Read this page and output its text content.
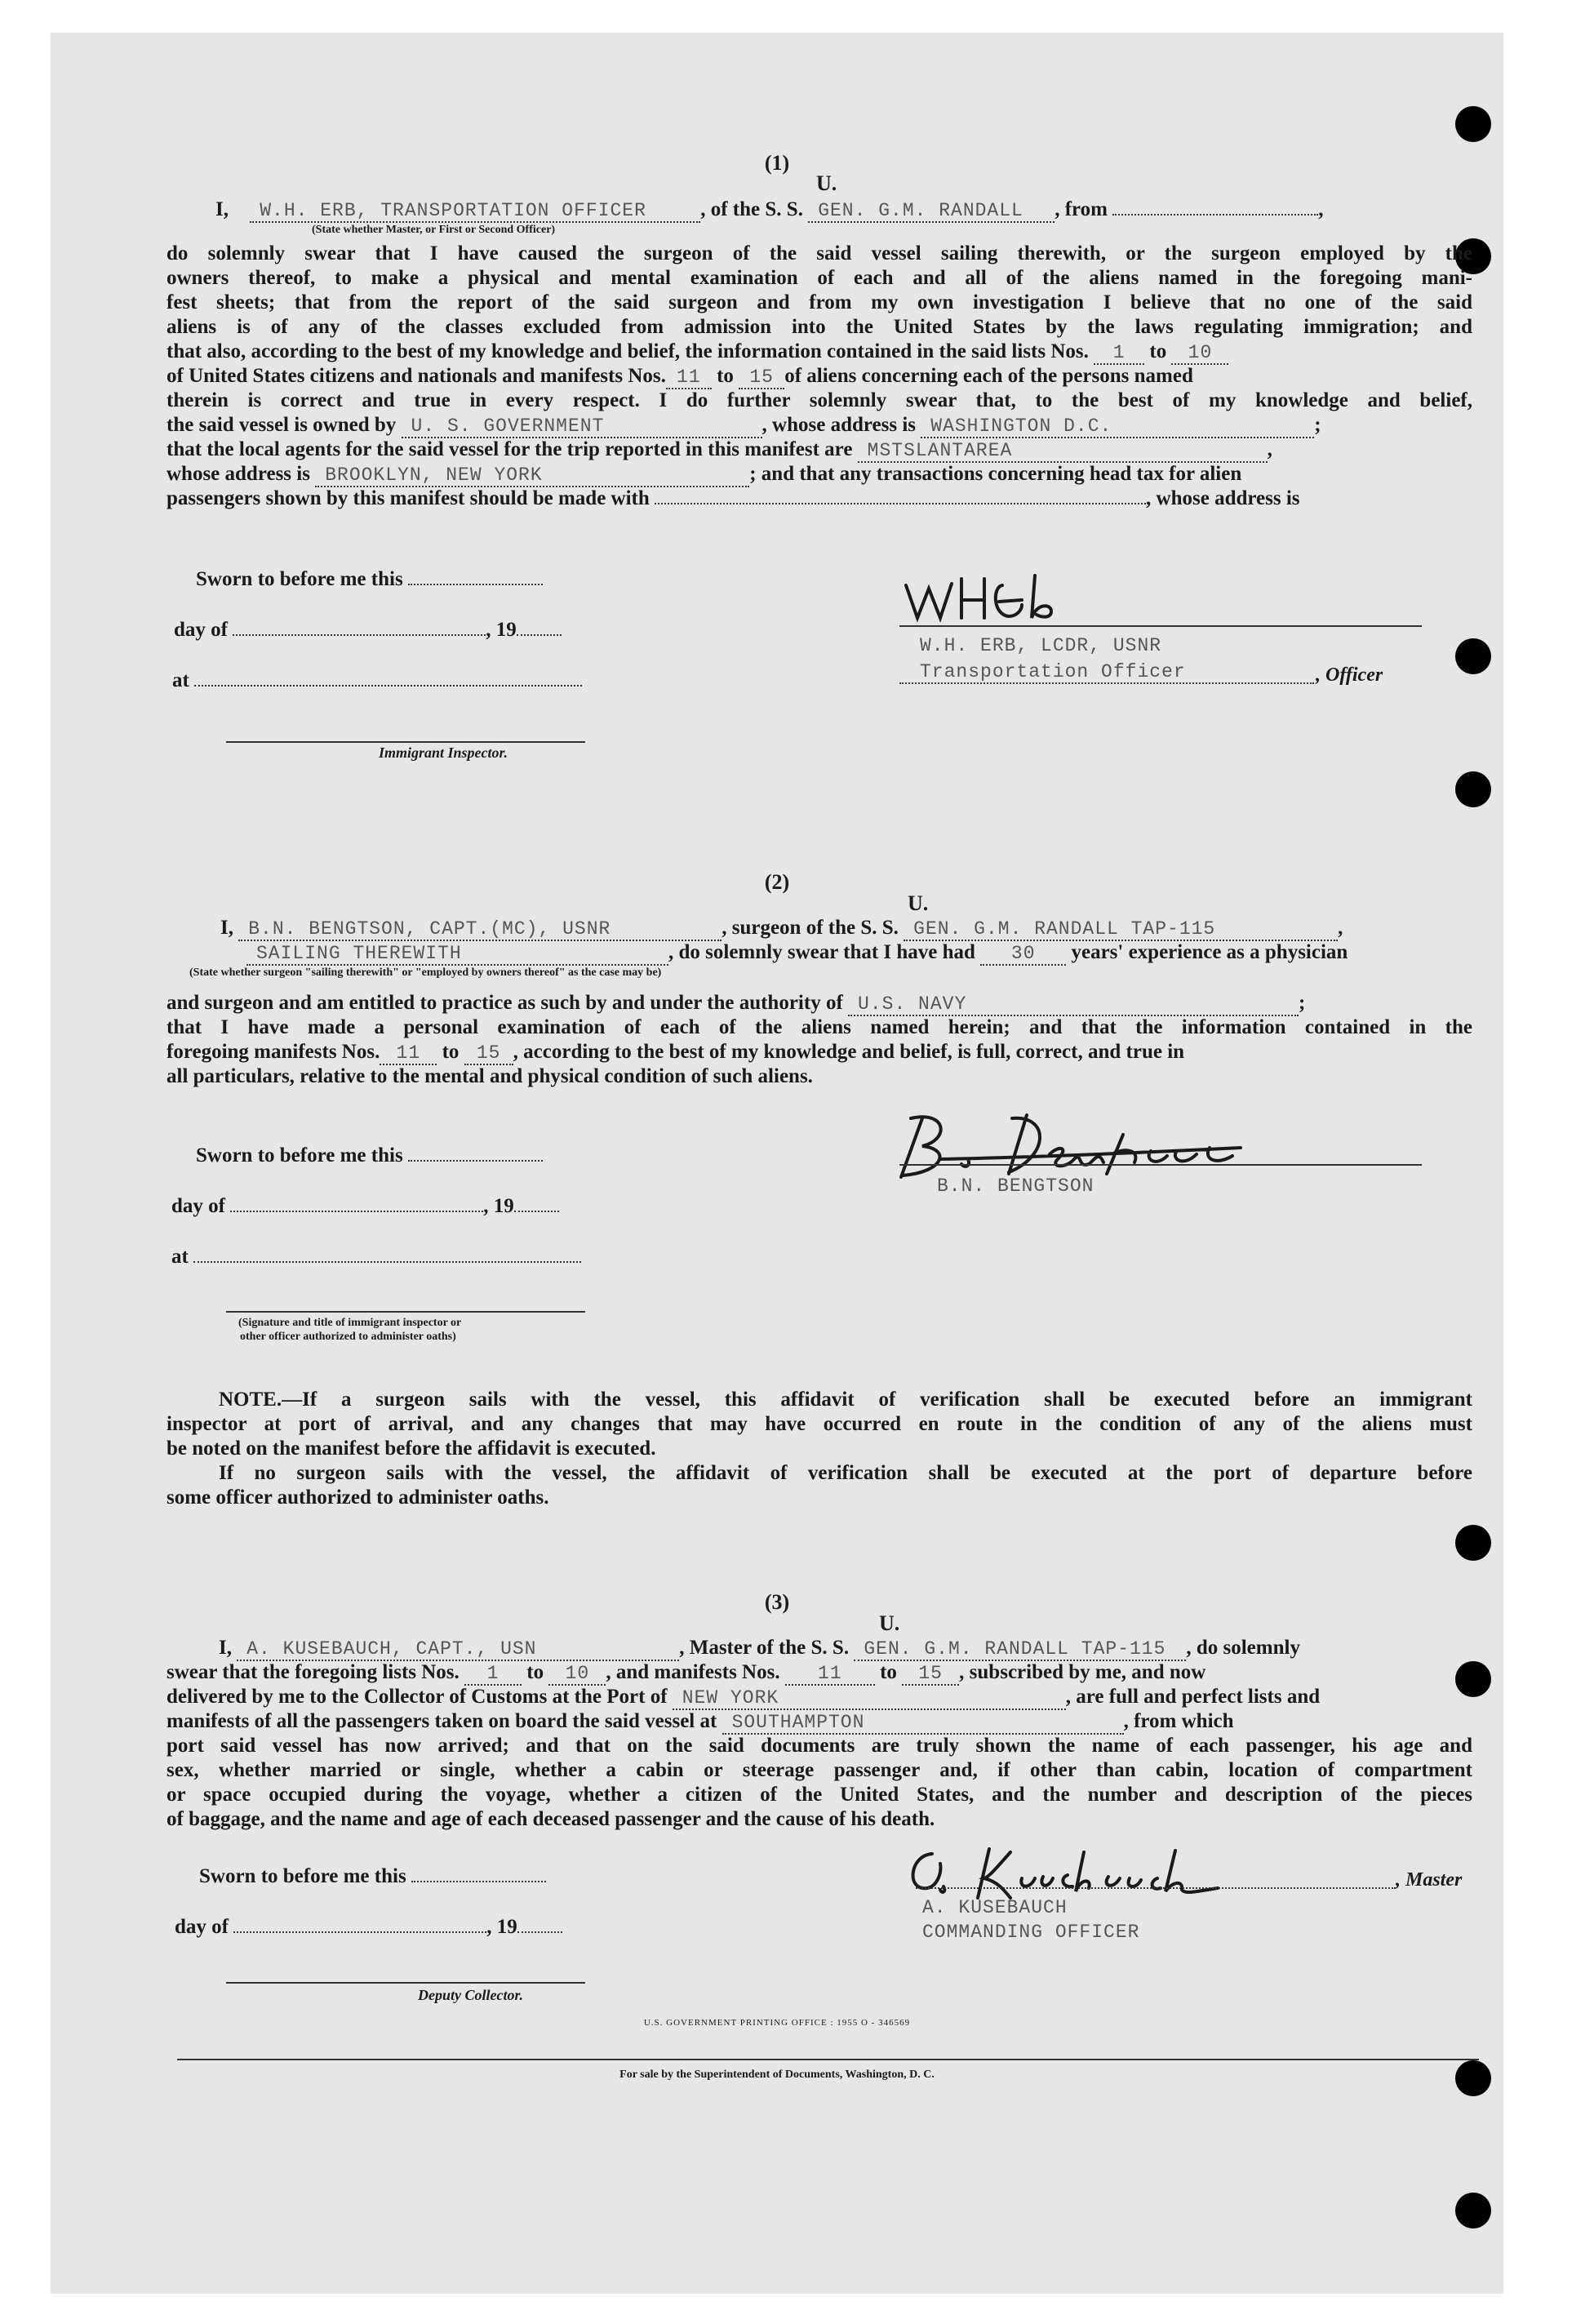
(1)
U.
I, W.H. ERB, TRANSPORTATION OFFICER	, of the S. S. GEN. G.M. RANDALL , from	,
(State whether Master, or First or Second Officer)
do solemnly swear that I have caused the surgeon of the said vessel sailing therewith, or the surgeon employed by the
owners thereof, to make a physical and mental examination of each and all of the aliens named in the foregoing mani-
fest sheets; that from the report of the said surgeon and from my own investigation I believe that no one of the said
aliens is of any of the classes excluded from admission into the United States by the laws regulating immigration; and
that also, according to the best of my knowledge and belief, the information contained in the said lists Nos. 1 to 10
of United States citizens and nationals and manifests Nos. 11 to 15 of aliens concerning each of the persons named
therein is correct and true in every respect. I do further solemnly swear that, to the best of my knowledge and belief,
the said vessel is owned by U. S. GOVERNMENT	, whose address is WASHINGTON D.C.	;
that the local agents for the said vessel for the trip reported in this manifest are MSTSLANTAREA	,
whose address is BROOKLYN, NEW YORK	; and that any transactions concerning head tax for alien
passengers shown by this manifest should be made with	, whose address is
Sworn to before me this
day of	, 19
at
Immigrant Inspector.
W.H. ERB, LCDR, USNR
Transportation Officer	, Officer
(2)
U.
I, B.N. BENGTSON, CAPT.(MC), USNR	, surgeon of the S. S. GEN. G.M. RANDALL TAP-115	,
SAILING THEREWITH	, do solemnly swear that I have had 30 years' experience as a physician
(State whether surgeon "sailing therewith" or "employed by owners thereof" as the case may be)
and surgeon and am entitled to practice as such by and under the authority of U.S. NAVY	;
that I have made a personal examination of each of the aliens named herein; and that the information contained in the
foregoing manifests Nos. 11 to 15 , according to the best of my knowledge and belief, is full, correct, and true in
all particulars, relative to the mental and physical condition of such aliens.
Sworn to before me this
day of	, 19
at
(Signature and title of immigrant inspector or
other officer authorized to administer oaths)
B.N. BENGTSON
NOTE.—If a surgeon sails with the vessel, this affidavit of verification shall be executed before an immigrant
inspector at port of arrival, and any changes that may have occurred en route in the condition of any of the aliens must
be noted on the manifest before the affidavit is executed.
If no surgeon sails with the vessel, the affidavit of verification shall be executed at the port of departure before
some officer authorized to administer oaths.
(3)
U.
I, A. KUSEBAUCH, CAPT., USN	, Master of the S. S. GEN. G.M. RANDALL TAP-115 , do solemnly
swear that the foregoing lists Nos. 1 to 10 , and manifests Nos. 11 to 15 , subscribed by me, and now
delivered by me to the Collector of Customs at the Port of NEW YORK	, are full and perfect lists and
manifests of all the passengers taken on board the said vessel at SOUTHAMPTON	, from which
port said vessel has now arrived; and that on the said documents are truly shown the name of each passenger, his age and
sex, whether married or single, whether a cabin or steerage passenger and, if other than cabin, location of compartment
or space occupied during the voyage, whether a citizen of the United States, and the number and description of the pieces
of baggage, and the name and age of each deceased passenger and the cause of his death.
Sworn to before me this
day of	, 19
Deputy Collector.
, Master
A. KUSEBAUCH
COMMANDING OFFICER
U.S. GOVERNMENT PRINTING OFFICE : 1955 O - 346569
For sale by the Superintendent of Documents, Washington, D. C.
